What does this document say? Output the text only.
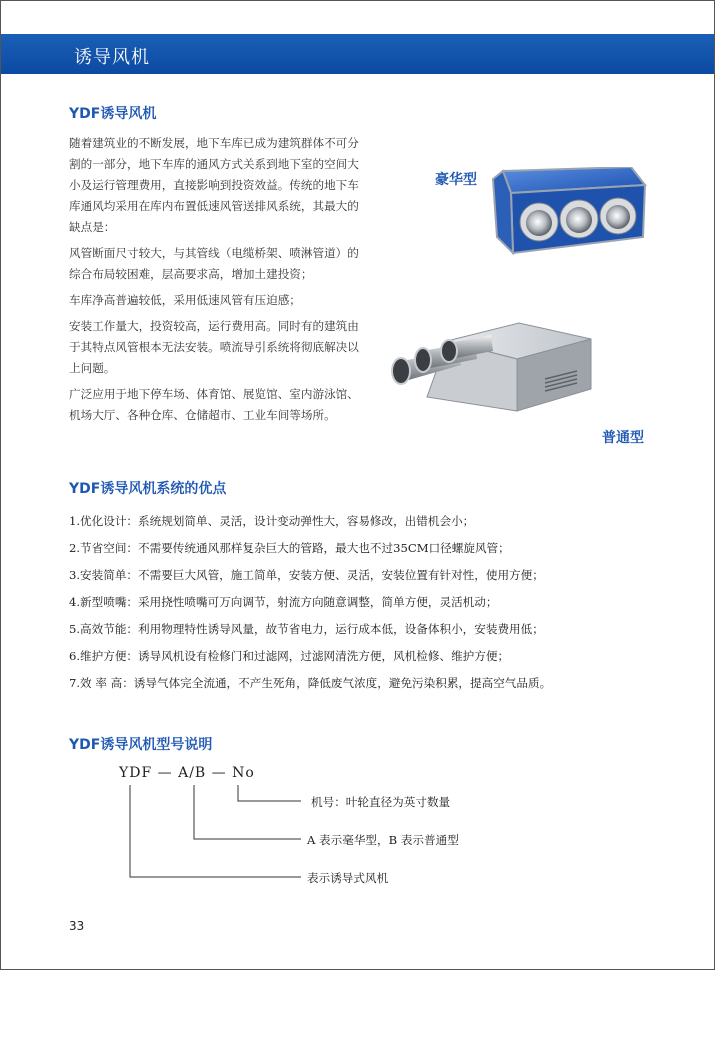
诱导风机
YDF诱导风机

随着建筑业的不断发展，地下车库已成为建筑群体不可分割的一部分，地下车库的通风方式关系到地下室的空间大小及运行管理费用，直接影响到投资效益。传统的地下车库通风均采用在库内布置低速风管送排风系统，其最大的缺点是：

风管断面尺寸较大，与其管线（电缆桥架、喷淋管道）的综合布局较困难，层高要求高，增加土建投资；

车库净高普遍较低，采用低速风管有压迫感；

安装工作量大，投资较高，运行费用高。同时有的建筑由于其特点风管根本无法安装。喷流导引系统将彻底解决以上问题。

广泛应用于地下停车场、体育馆、展览馆、室内游泳馆、机场大厅、各种仓库、仓储超市、工业车间等场所。

豪华型
普通型
YDF诱导风机系统的优点
1.优化设计：系统规划简单、灵活，设计变动弹性大，容易修改，出错机会小；
2.节省空间：不需要传统通风那样复杂巨大的管路，最大也不过35CM口径螺旋风管；
3.安装简单：不需要巨大风管，施工简单，安装方便、灵活，安装位置有针对性，使用方便；
4.新型喷嘴：采用挠性喷嘴可万向调节，射流方向随意调整，简单方便，灵活机动；
5.高效节能：利用物理特性诱导风量，故节省电力，运行成本低，设备体积小，安装费用低；
6.维护方便：诱导风机设有检修门和过滤网，过滤网清洗方便，风机检修、维护方便；
7.效 率 高：诱导气体完全流通，不产生死角，降低废气浓度，避免污染积累，提高空气品质。
YDF诱导风机型号说明
YDF — A/B — No
机号：叶轮直径为英寸数量
A 表示毫华型，B 表示普通型
表示诱导式风机
33
